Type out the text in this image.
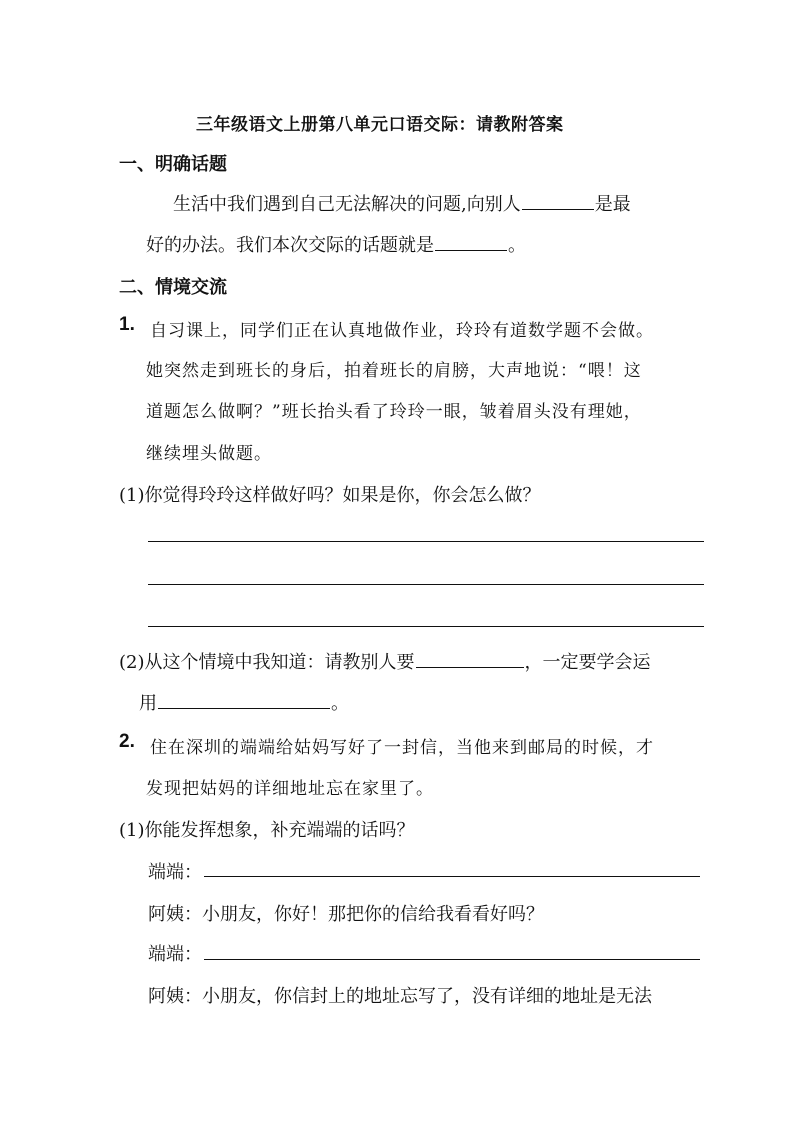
三年级语文上册第八单元口语交际：请教附答案
一、明确话题
生活中我们遇到自己无法解决的问题,向别人	是最
好的办法。我们本次交际的话题就是	。
二、情境交流
1. 自习课上，同学们正在认真地做作业，玲玲有道数学题不会做。
她突然走到班长的身后，拍着班长的肩膀，大声地说：“喂！这
道题怎么做啊？”班长抬头看了玲玲一眼，皱着眉头没有理她，
继续埋头做题。
(1)你觉得玲玲这样做好吗？如果是你，你会怎么做？
(2)从这个情境中我知道：请教别人要	，一定要学会运
用	。
2. 住在深圳的端端给姑妈写好了一封信，当他来到邮局的时候，才
发现把姑妈的详细地址忘在家里了。
(1)你能发挥想象，补充端端的话吗？
端端：
阿姨：小朋友，你好！那把你的信给我看看好吗？
端端：
阿姨：小朋友，你信封上的地址忘写了，没有详细的地址是无法
